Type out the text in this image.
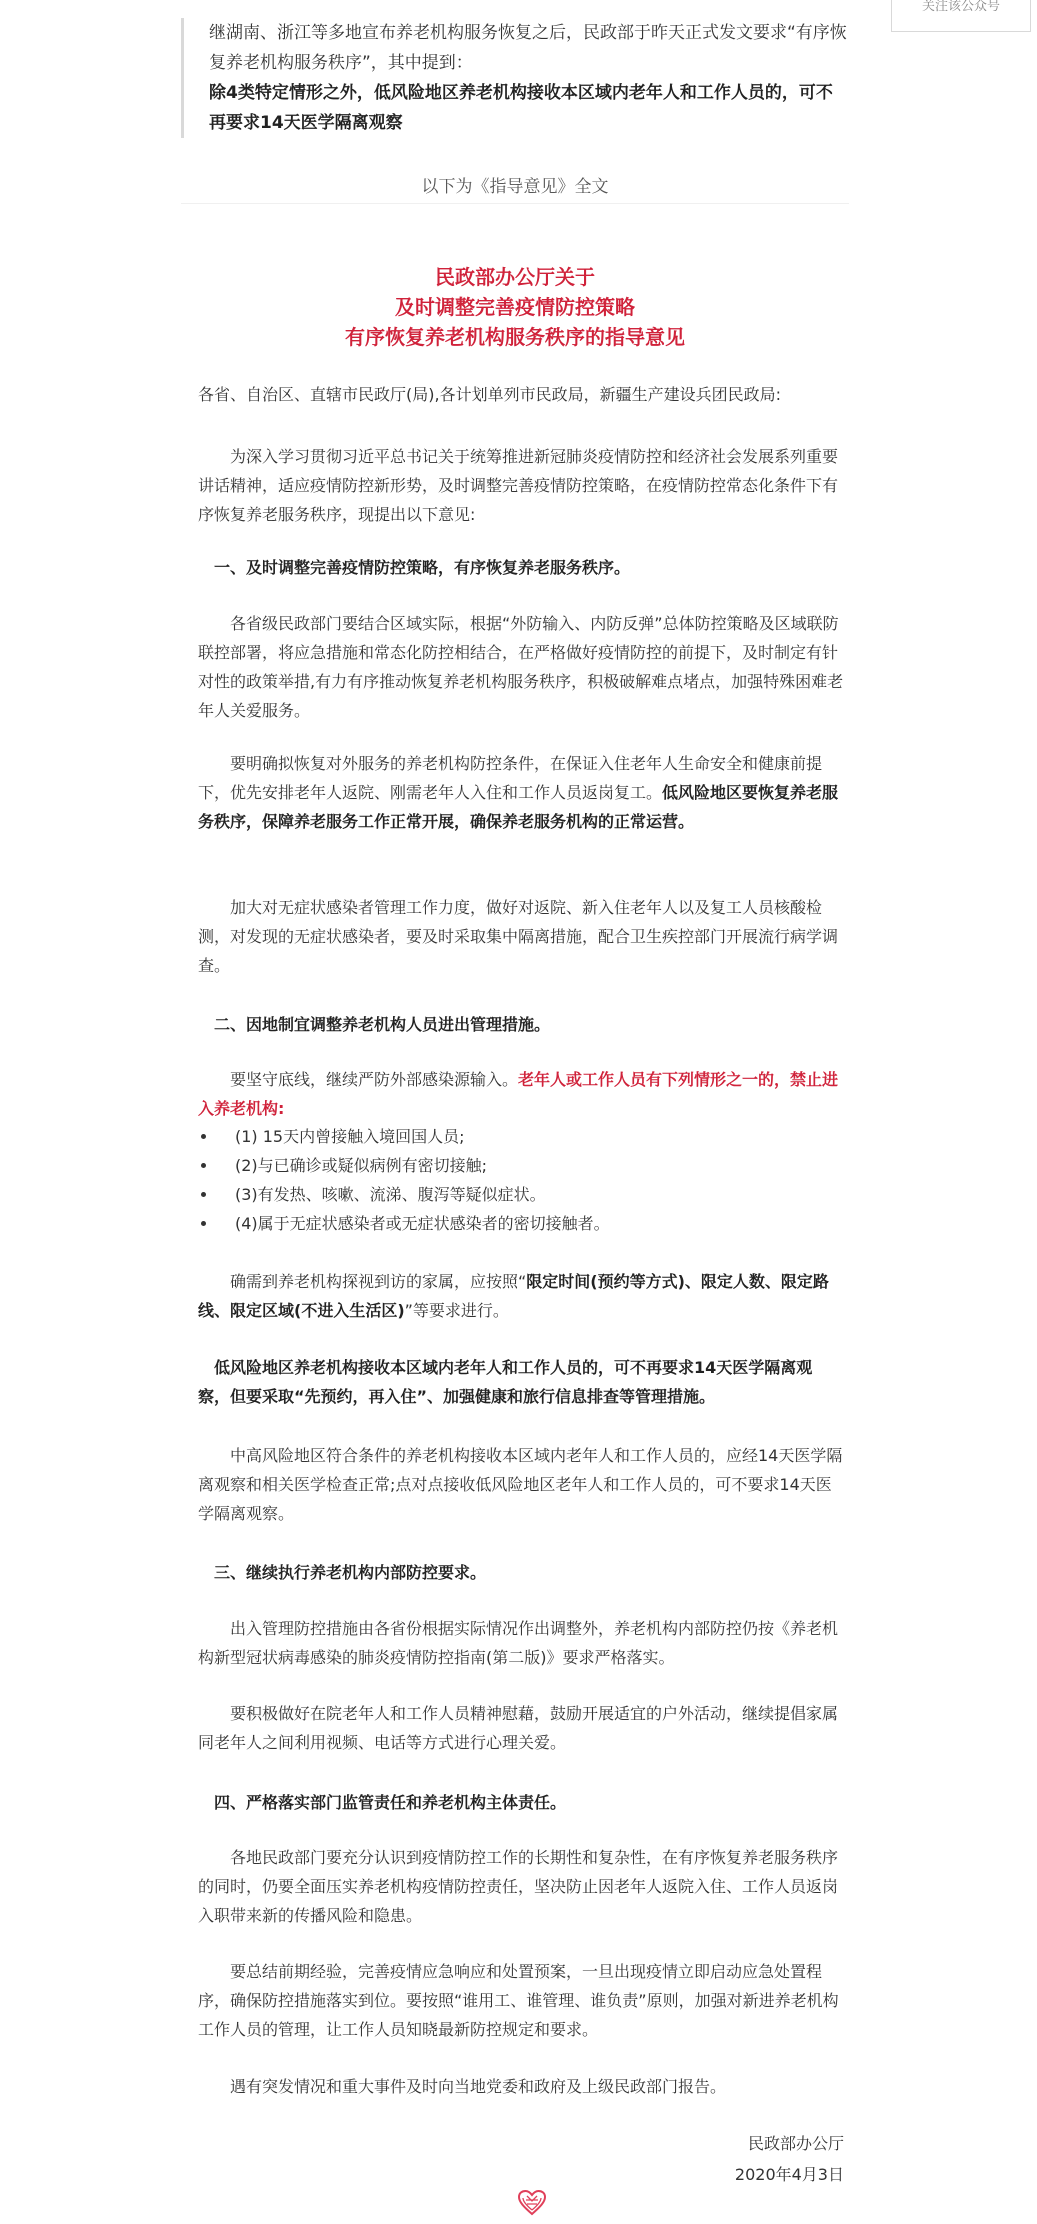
关注该公众号

继湖南、浙江等多地宣布养老机构服务恢复之后，民政部于昨天正式发文要求“有序恢复养老机构服务秩序”，其中提到：

除4类特定情形之外，低风险地区养老机构接收本区域内老年人和工作人员的，可不再要求14天医学隔离观察

以下为《指导意见》全文
民政部办公厅关于
及时调整完善疫情防控策略
有序恢复养老机构服务秩序的指导意见
各省、自治区、直辖市民政厅(局),各计划单列市民政局，新疆生产建设兵团民政局:
为深入学习贯彻习近平总书记关于统筹推进新冠肺炎疫情防控和经济社会发展系列重要讲话精神，适应疫情防控新形势，及时调整完善疫情防控策略，在疫情防控常态化条件下有序恢复养老服务秩序，现提出以下意见:
一、及时调整完善疫情防控策略，有序恢复养老服务秩序。
各省级民政部门要结合区域实际，根据“外防输入、内防反弹”总体防控策略及区域联防联控部署，将应急措施和常态化防控相结合，在严格做好疫情防控的前提下，及时制定有针对性的政策举措,有力有序推动恢复养老机构服务秩序，积极破解难点堵点，加强特殊困难老年人关爱服务。
要明确拟恢复对外服务的养老机构防控条件，在保证入住老年人生命安全和健康前提下，优先安排老年人返院、刚需老年人入住和工作人员返岗复工。低风险地区要恢复养老服务秩序，保障养老服务工作正常开展，确保养老服务机构的正常运营。
加大对无症状感染者管理工作力度，做好对返院、新入住老年人以及复工人员核酸检测，对发现的无症状感染者，要及时采取集中隔离措施，配合卫生疾控部门开展流行病学调查。
二、因地制宜调整养老机构人员进出管理措施。
要坚守底线，继续严防外部感染源输入。老年人或工作人员有下列情形之一的，禁止进入养老机构:
(1) 15天内曾接触入境回国人员;
(2)与已确诊或疑似病例有密切接触;
(3)有发热、咳嗽、流涕、腹泻等疑似症状。
(4)属于无症状感染者或无症状感染者的密切接触者。
确需到养老机构探视到访的家属，应按照“限定时间(预约等方式)、限定人数、限定路线、限定区域(不进入生活区)”等要求进行。
低风险地区养老机构接收本区域内老年人和工作人员的，可不再要求14天医学隔离观察，但要采取“先预约，再入住”、加强健康和旅行信息排查等管理措施。
中高风险地区符合条件的养老机构接收本区域内老年人和工作人员的，应经14天医学隔离观察和相关医学检查正常;点对点接收低风险地区老年人和工作人员的，可不要求14天医学隔离观察。
三、继续执行养老机构内部防控要求。
出入管理防控措施由各省份根据实际情况作出调整外，养老机构内部防控仍按《养老机构新型冠状病毒感染的肺炎疫情防控指南(第二版)》要求严格落实。
要积极做好在院老年人和工作人员精神慰藉，鼓励开展适宜的户外活动，继续提倡家属同老年人之间利用视频、电话等方式进行心理关爱。
四、严格落实部门监管责任和养老机构主体责任。
各地民政部门要充分认识到疫情防控工作的长期性和复杂性，在有序恢复养老服务秩序的同时，仍要全面压实养老机构疫情防控责任，坚决防止因老年人返院入住、工作人员返岗入职带来新的传播风险和隐患。
要总结前期经验，完善疫情应急响应和处置预案，一旦出现疫情立即启动应急处置程序，确保防控措施落实到位。要按照“谁用工、谁管理、谁负责”原则，加强对新进养老机构工作人员的管理，让工作人员知晓最新防控规定和要求。
遇有突发情况和重大事件及时向当地党委和政府及上级民政部门报告。
民政部办公厅
2020年4月3日
